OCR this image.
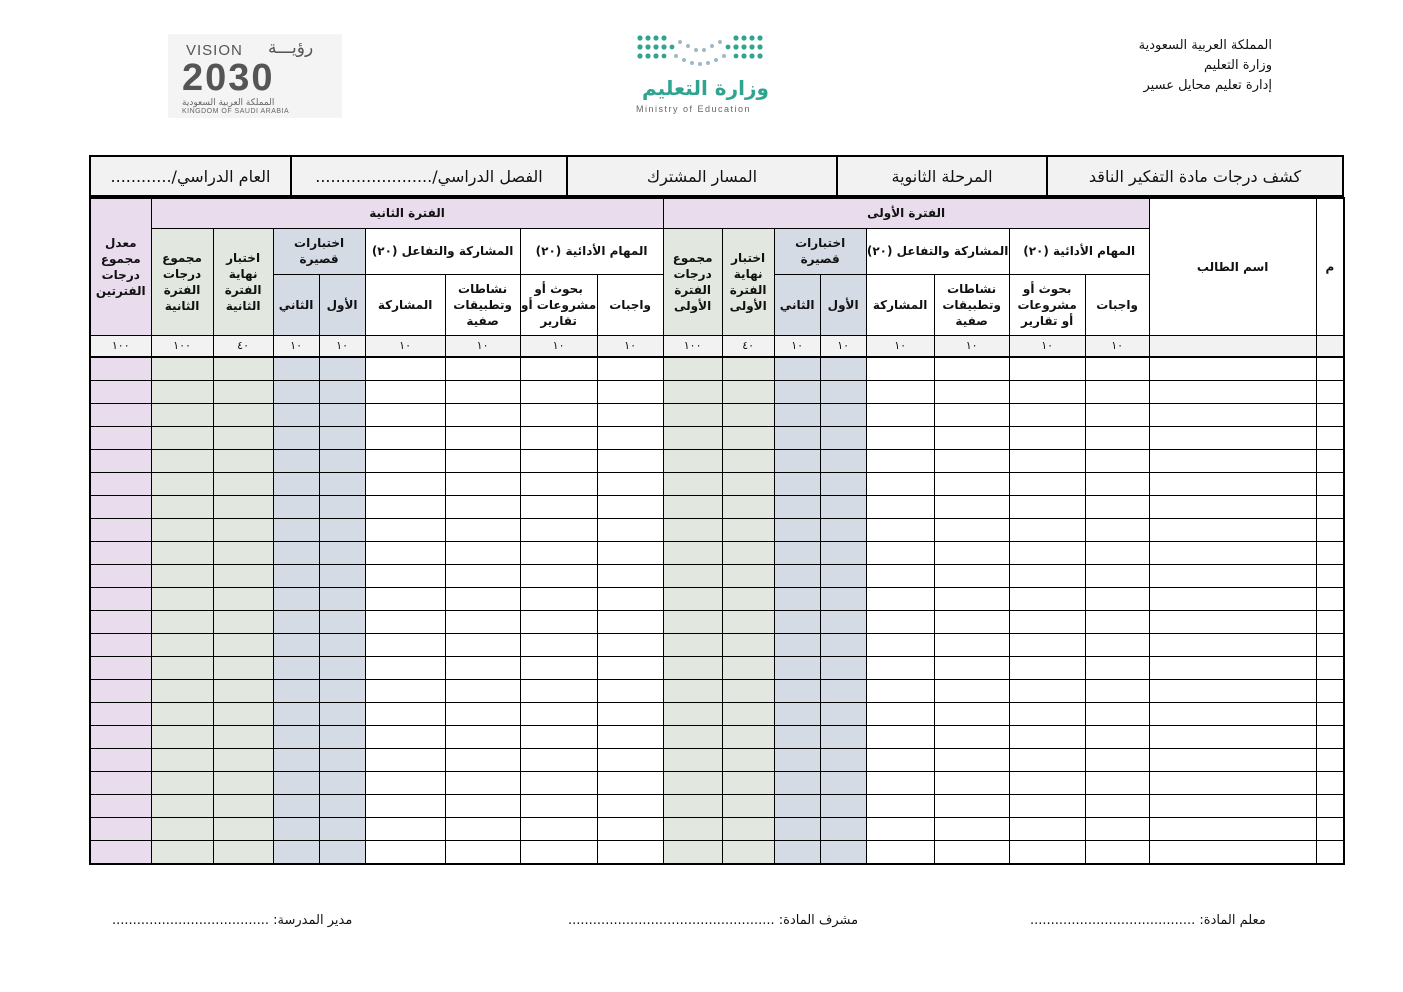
المملكة العربية السعودية
وزارة التعليم
إدارة تعليم محايل عسير
وزارة التعليم
Ministry of Education
VISION رؤيـــة
2030
المملكة العربية السعودية
KINGDOM OF SAUDI ARABIA
كشف درجات مادة التفكير الناقد
المرحلة الثانوية
المسار المشترك
الفصل الدراسي/.......................
العام الدراسي/............
م	اسم الطالب	الفترة الأولى								الفترة الثانية								معدل مجموع درجات الفترتين
		المهام الأدائية (٢٠)		المشاركة والتفاعل (٢٠)		اختبارات قصيرة		اختبار نهاية الفترة الأولى	مجموع درجات الفترة الأولى	المهام الأدائية (٢٠)		المشاركة والتفاعل (٢٠)		اختبارات قصيرة		اختبار نهاية الفترة الثانية	مجموع درجات الفترة الثانية	
		واجبات	بحوث أو مشروعات أو تقارير	نشاطات وتطبيقات صفية	المشاركة	الأول	الثاني			واجبات	بحوث أو مشروعات أو تقارير	نشاطات وتطبيقات صفية	المشاركة	الأول	الثاني			
		١٠	١٠	١٠	١٠	١٠	١٠	٤٠	١٠٠	١٠	١٠	١٠	١٠	١٠	١٠	٤٠	١٠٠	١٠٠

معلم المادة: ........................................
مشرف المادة: ..................................................
مدير المدرسة: ......................................
